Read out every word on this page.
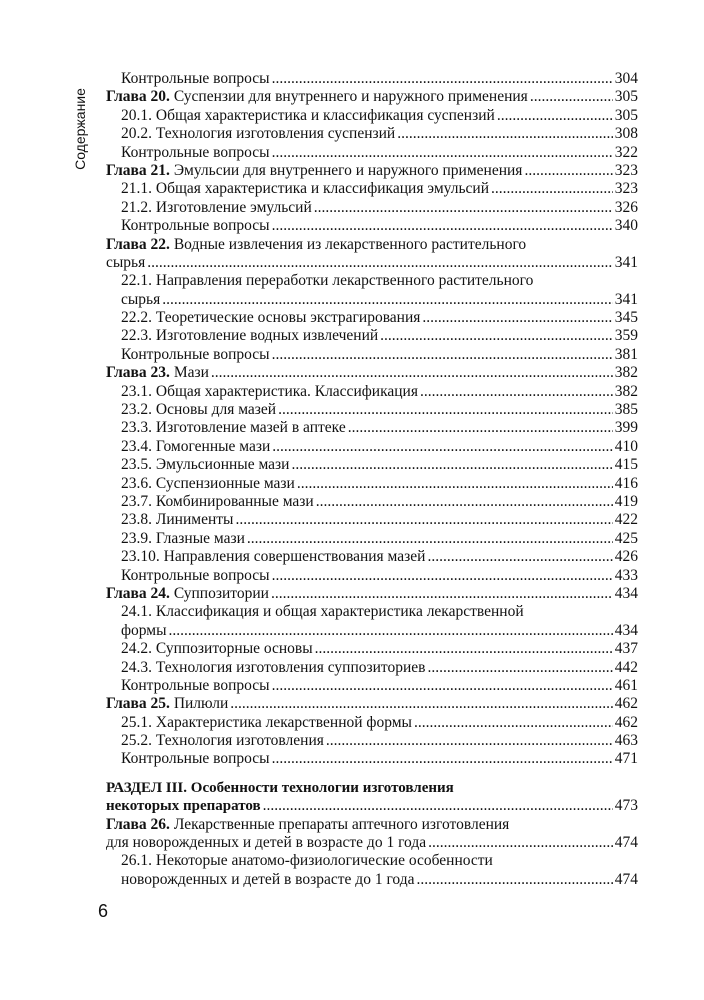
Содержание
Контрольные вопросы .....	304
Глава 20. Суспензии для внутреннего и наружного применения .....	305
20.1. Общая характеристика и классификация суспензий .....	305
20.2. Технология изготовления суспензий .....	308
Контрольные вопросы .....	322
Глава 21. Эмульсии для внутреннего и наружного применения .....	323
21.1. Общая характеристика и классификация эмульсий .....	323
21.2. Изготовление эмульсий .....	326
Контрольные вопросы .....	340
Глава 22. Водные извлечения из лекарственного растительного
сырья .....	341
22.1. Направления переработки лекарственного растительного
сырья .....	341
22.2. Теоретические основы экстрагирования .....	345
22.3. Изготовление водных извлечений .....	359
Контрольные вопросы .....	381
Глава 23. Мази .....	382
23.1. Общая характеристика. Классификация .....	382
23.2. Основы для мазей .....	385
23.3. Изготовление мазей в аптеке .....	399
23.4. Гомогенные мази .....	410
23.5. Эмульсионные мази .....	415
23.6. Суспензионные мази .....	416
23.7. Комбинированные мази .....	419
23.8. Линименты .....	422
23.9. Глазные мази .....	425
23.10. Направления совершенствования мазей .....	426
Контрольные вопросы .....	433
Глава 24. Суппозитории .....	434
24.1. Классификация и общая характеристика лекарственной
формы .....	434
24.2. Суппозиторные основы .....	437
24.3. Технология изготовления суппозиториев .....	442
Контрольные вопросы .....	461
Глава 25. Пилюли .....	462
25.1. Характеристика лекарственной формы .....	462
25.2. Технология изготовления .....	463
Контрольные вопросы .....	471
РАЗДЕЛ III. Особенности технологии изготовления
некоторых препаратов .....	473
Глава 26. Лекарственные препараты аптечного изготовления
для новорожденных и детей в возрасте до 1 года .....	474
26.1. Некоторые анатомо-физиологические особенности
новорожденных и детей в возрасте до 1 года .....	474
6
